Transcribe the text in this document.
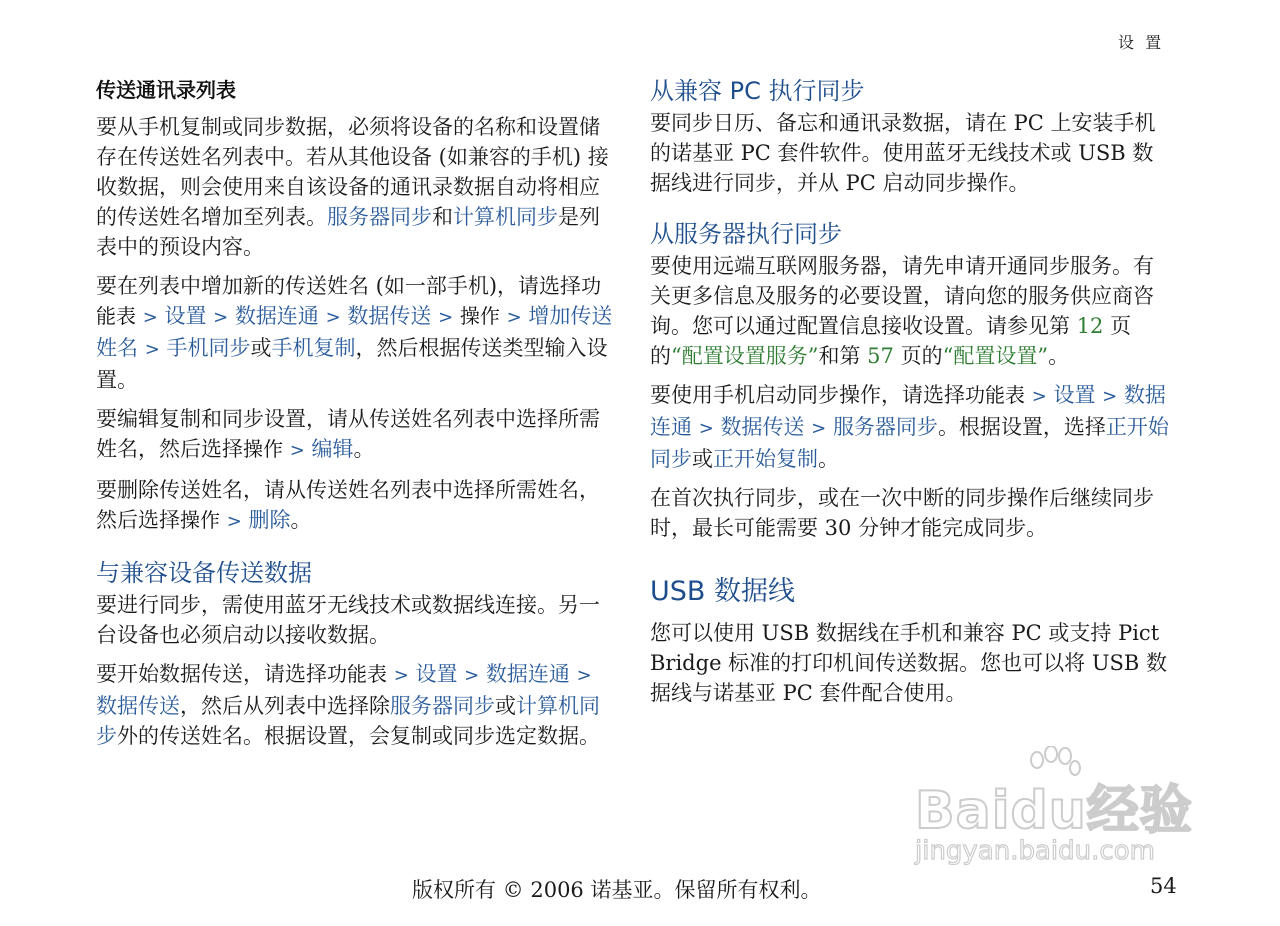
设 置
传送通讯录列表

要从手机复制或同步数据，必须将设备的名称和设置储存在传送姓名列表中。若从其他设备 (如兼容的手机) 接收数据，则会使用来自该设备的通讯录数据自动将相应的传送姓名增加至列表。服务器同步和计算机同步是列表中的预设内容。

要在列表中增加新的传送姓名 (如一部手机)，请选择功能表 > 设置 > 数据连通 > 数据传送 > 操作 > 增加传送姓名 > 手机同步或手机复制，然后根据传送类型输入设置。

要编辑复制和同步设置，请从传送姓名列表中选择所需姓名，然后选择操作 > 编辑。

要删除传送姓名，请从传送姓名列表中选择所需姓名，然后选择操作 > 删除。

与兼容设备传送数据

要进行同步，需使用蓝牙无线技术或数据线连接。另一台设备也必须启动以接收数据。

要开始数据传送，请选择功能表 > 设置 > 数据连通 > 数据传送，然后从列表中选择除服务器同步或计算机同步外的传送姓名。根据设置，会复制或同步选定数据。

从兼容 PC 执行同步

要同步日历、备忘和通讯录数据，请在 PC 上安装手机的诺基亚 PC 套件软件。使用蓝牙无线技术或 USB 数据线进行同步，并从 PC 启动同步操作。

从服务器执行同步

要使用远端互联网服务器，请先申请开通同步服务。有关更多信息及服务的必要设置，请向您的服务供应商咨询。您可以通过配置信息接收设置。请参见第 12 页的“配置设置服务”和第 57 页的“配置设置”。

要使用手机启动同步操作，请选择功能表 > 设置 > 数据连通 > 数据传送 > 服务器同步。根据设置，选择正开始同步或正开始复制。

在首次执行同步，或在一次中断的同步操作后继续同步时，最长可能需要 30 分钟才能完成同步。

USB 数据线

您可以使用 USB 数据线在手机和兼容 PC 或支持 PictBridge 标准的打印机间传送数据。您也可以将 USB 数据线与诺基亚 PC 套件配合使用。

Baidu经验
jingyan.baidu.com
版权所有 © 2006 诺基亚。保留所有权利。	54
